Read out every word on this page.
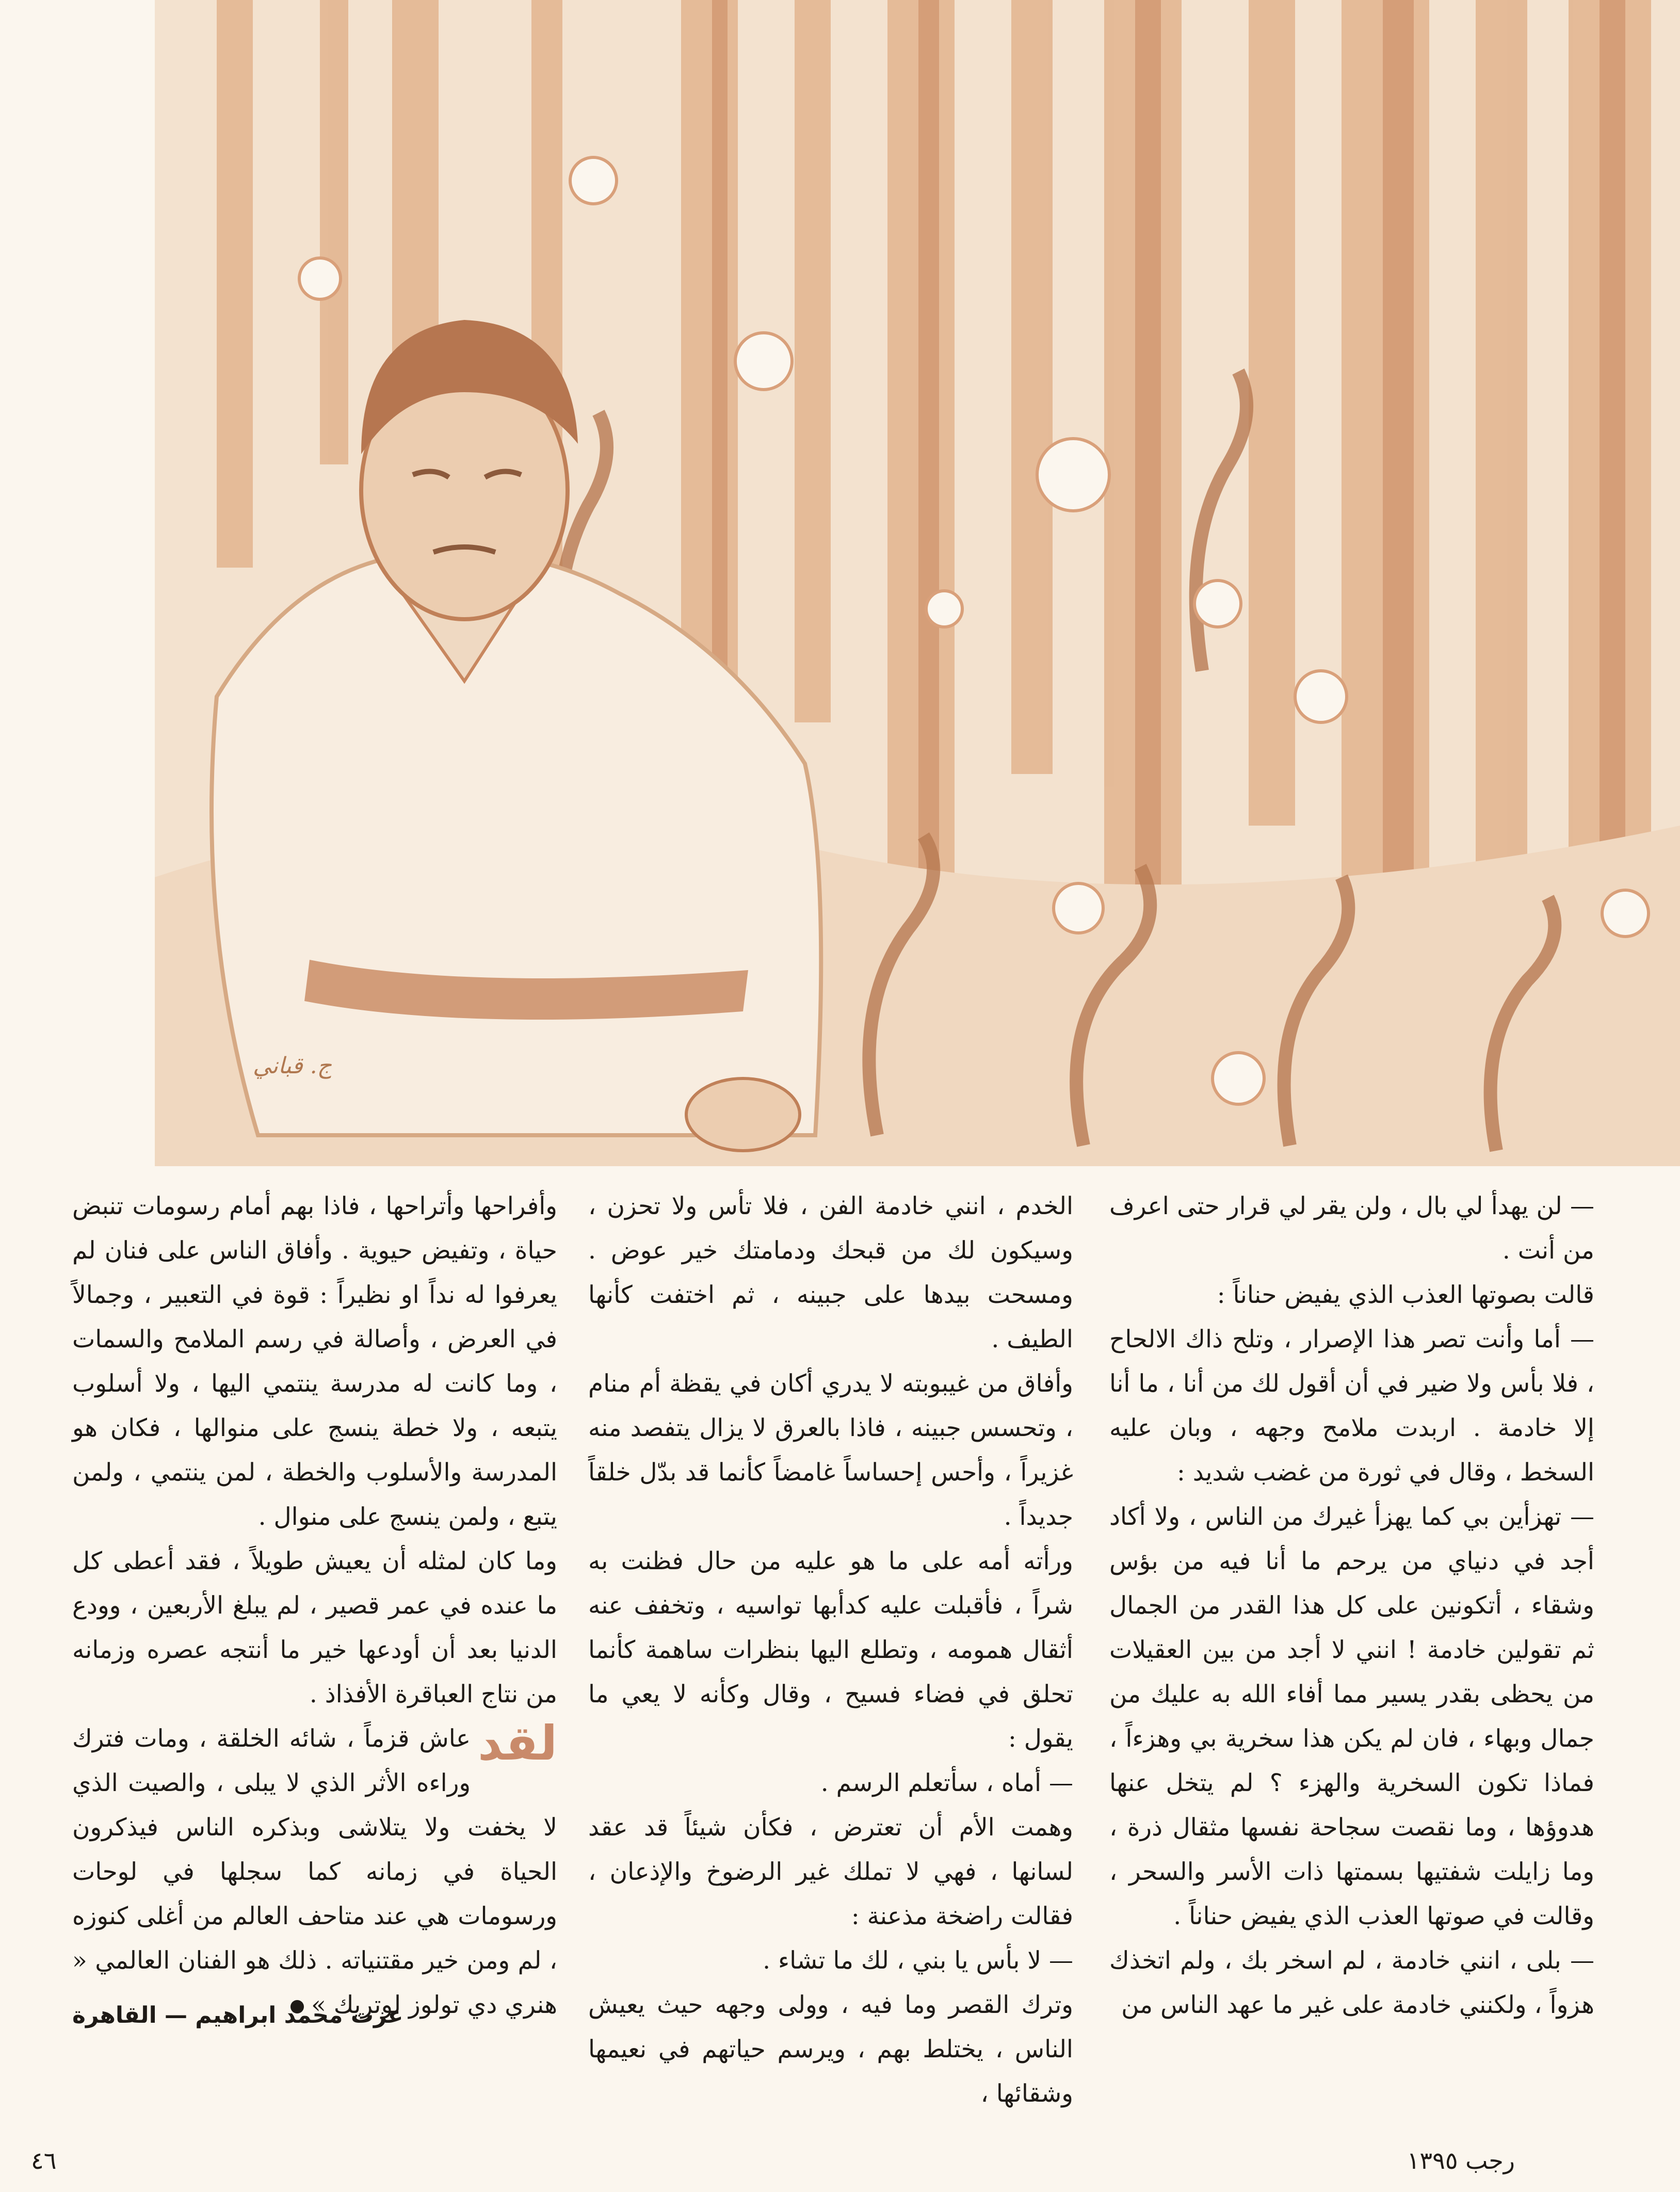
ج. قباني

— لن يهدأ لي بال ، ولن يقر لي قرار حتى اعرف من أنت .

قالت بصوتها العذب الذي يفيض حناناً :

— أما وأنت تصر هذا الإصرار ، وتلح ذاك الالحاح ، فلا بأس ولا ضير في أن أقول لك من أنا ، ما أنا إلا خادمة . اربدت ملامح وجهه ، وبان عليه السخط ، وقال في ثورة من غضب شديد :

— تهزأين بي كما يهزأ غيرك من الناس ، ولا أكاد أجد في دنياي من يرحم ما أنا فيه من بؤس وشقاء ، أتكونين على كل هذا القدر من الجمال ثم تقولين خادمة ! انني لا أجد من بين العقيلات من يحظى بقدر يسير مما أفاء الله به عليك من جمال وبهاء ، فان لم يكن هذا سخرية بي وهزءاً ، فماذا تكون السخرية والهزء ؟ لم يتخل عنها هدوؤها ، وما نقصت سجاحة نفسها مثقال ذرة ، وما زايلت شفتيها بسمتها ذات الأسر والسحر ، وقالت في صوتها العذب الذي يفيض حناناً .

— بلى ، انني خادمة ، لم اسخر بك ، ولم اتخذك هزواً ، ولكنني خادمة على غير ما عهد الناس من

الخدم ، انني خادمة الفن ، فلا تأس ولا تحزن ، وسيكون لك من قبحك ودمامتك خير عوض . ومسحت بيدها على جبينه ، ثم اختفت كأنها الطيف .

وأفاق من غيبوبته لا يدري أكان في يقظة أم منام ، وتحسس جبينه ، فاذا بالعرق لا يزال يتفصد منه غزيراً ، وأحس إحساساً غامضاً كأنما قد بدّل خلقاً جديداً .

ورأته أمه على ما هو عليه من حال فظنت به شراً ، فأقبلت عليه كدأبها تواسيه ، وتخفف عنه أثقال همومه ، وتطلع اليها بنظرات ساهمة كأنما تحلق في فضاء فسيح ، وقال وكأنه لا يعي ما يقول :

— أماه ، سأتعلم الرسم .

وهمت الأم أن تعترض ، فكأن شيئاً قد عقد لسانها ، فهي لا تملك غير الرضوخ والإذعان ، فقالت راضخة مذعنة :

— لا بأس يا بني ، لك ما تشاء .

وترك القصر وما فيه ، وولى وجهه حيث يعيش الناس ، يختلط بهم ، ويرسم حياتهم في نعيمها وشقائها ،

وأفراحها وأتراحها ، فاذا بهم أمام رسومات تنبض حياة ، وتفيض حيوية . وأفاق الناس على فنان لم يعرفوا له نداً او نظيراً : قوة في التعبير ، وجمالاً في العرض ، وأصالة في رسم الملامح والسمات ، وما كانت له مدرسة ينتمي اليها ، ولا أسلوب يتبعه ، ولا خطة ينسج على منوالها ، فكان هو المدرسة والأسلوب والخطة ، لمن ينتمي ، ولمن يتبع ، ولمن ينسج على منوال .

وما كان لمثله أن يعيش طويلاً ، فقد أعطى كل ما عنده في عمر قصير ، لم يبلغ الأربعين ، وودع الدنيا بعد أن أودعها خير ما أنتجه عصره وزمانه من نتاج العباقرة الأفذاذ .

لقد
عاش قزماً ، شائه الخلقة ، ومات فترك وراءه الأثر الذي لا يبلى ، والصيت الذي لا يخفت ولا يتلاشى وبذكره الناس فيذكرون الحياة في زمانه كما سجلها في لوحات ورسومات هي عند متاحف العالم من أغلى كنوزه ، لم ومن خير مقتنياته . ذلك هو الفنان العالمي « هنري دي تولوز لوتريك »

عزت محمد ابراهيم — القاهرة
٤٦	رجب ١٣٩٥
